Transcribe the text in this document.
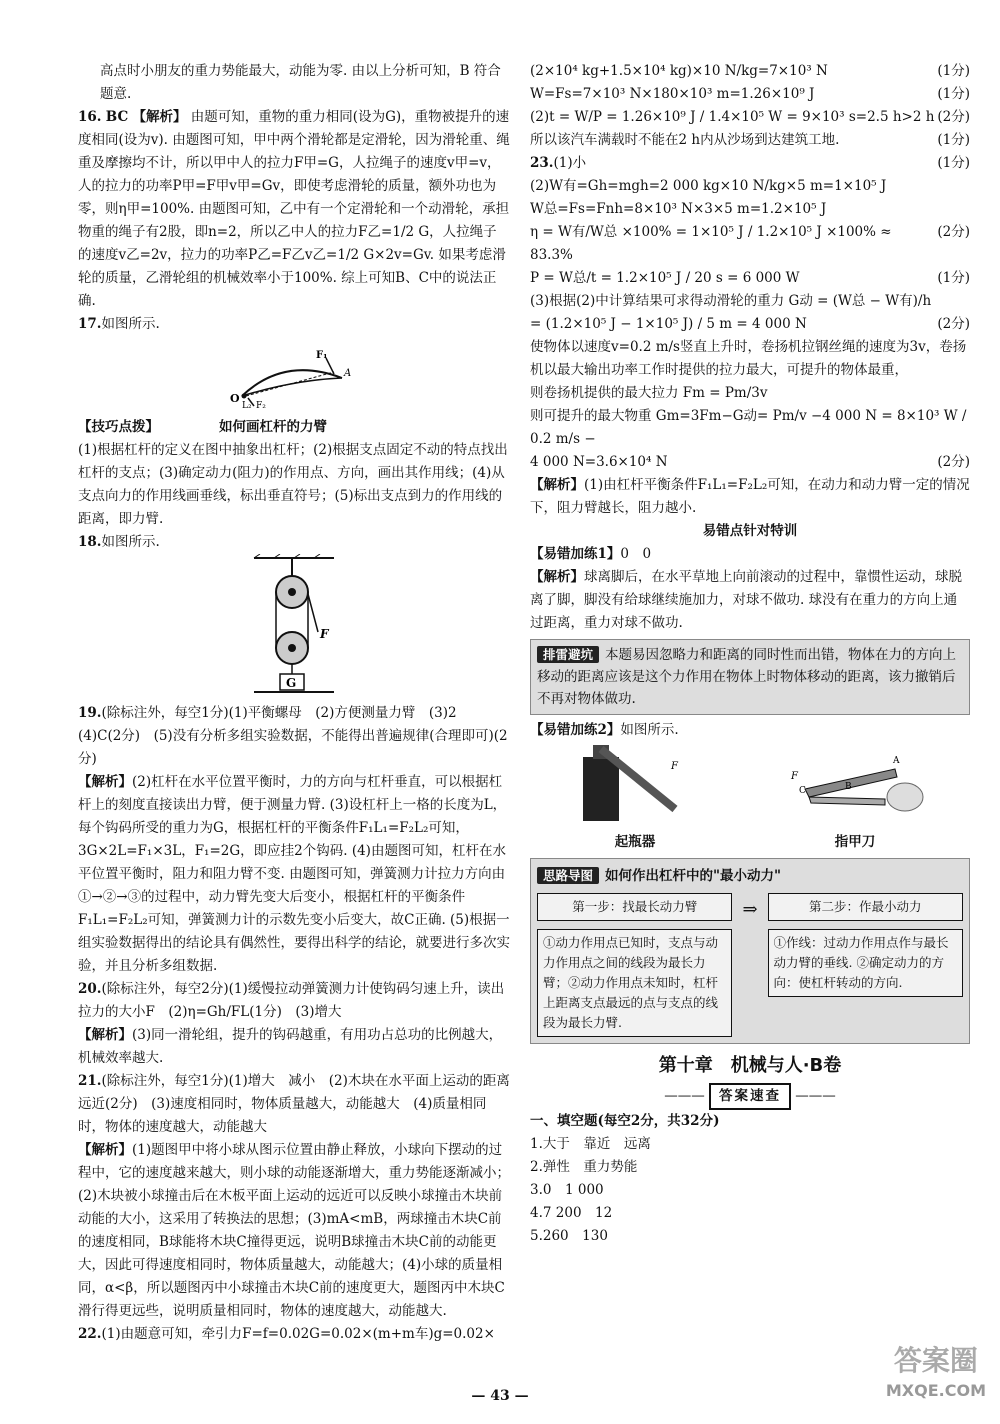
高点时小朋友的重力势能最大，动能为零. 由以上分析可知，B 符合

题意.

16. BC 【解析】 由题可知，重物的重力相同(设为G)，重物被提升的速度相同(设为v). 由题图可知，甲中两个滑轮都是定滑轮，因为滑轮重、绳重及摩擦均不计，所以甲中人的拉力F甲=G，人拉绳子的速度v甲=v，人的拉力的功率P甲=F甲v甲=Gv，即使考虑滑轮的质量，额外功也为零，则η甲=100%. 由题图可知，乙中有一个定滑轮和一个动滑轮，承担物重的绳子有2股，即n=2，所以乙中人的拉力F乙=1/2 G，人拉绳子的速度v乙=2v，拉力的功率P乙=F乙v乙=1/2 G×2v=Gv. 如果考虑滑轮的质量，乙滑轮组的机械效率小于100%. 综上可知B、C中的说法正确.

17.如图所示.

O
F₁
A
L₂ F₂

【技巧点拨】	如何画杠杆的力臂

(1)根据杠杆的定义在图中抽象出杠杆；(2)根据支点固定不动的特点找出杠杆的支点；(3)确定动力(阻力)的作用点、方向，画出其作用线；(4)从支点向力的作用线画垂线，标出垂直符号；(5)标出支点到力的作用线的距离，即力臂.

18.如图所示.

F
G

19.(除标注外，每空1分)(1)平衡螺母　(2)方便测量力臂　(3)2　(4)C(2分)　(5)没有分析多组实验数据，不能得出普遍规律(合理即可)(2分)

【解析】(2)杠杆在水平位置平衡时，力的方向与杠杆垂直，可以根据杠杆上的刻度直接读出力臂，便于测量力臂. (3)设杠杆上一格的长度为L，每个钩码所受的重力为G，根据杠杆的平衡条件F₁L₁=F₂L₂可知，3G×2L=F₁×3L，F₁=2G，即应挂2个钩码. (4)由题图可知，杠杆在水平位置平衡时，阻力和阻力臂不变. 由题图可知，弹簧测力计拉力方向由①→②→③的过程中，动力臂先变大后变小，根据杠杆的平衡条件F₁L₁=F₂L₂可知，弹簧测力计的示数先变小后变大，故C正确. (5)根据一组实验数据得出的结论具有偶然性，要得出科学的结论，就要进行多次实验，并且分析多组数据.

20.(除标注外，每空2分)(1)缓慢拉动弹簧测力计使钩码匀速上升，读出拉力的大小F　(2)η=Gh/FL(1分)　(3)增大

【解析】(3)同一滑轮组，提升的钩码越重，有用功占总功的比例越大，机械效率越大.

21.(除标注外，每空1分)(1)增大　减小　(2)木块在水平面上运动的距离远近(2分)　(3)速度相同时，物体质量越大，动能越大　(4)质量相同时，物体的速度越大，动能越大

【解析】(1)题图甲中将小球从图示位置由静止释放，小球向下摆动的过程中，它的速度越来越大，则小球的动能逐渐增大，重力势能逐渐减小；(2)木块被小球撞击后在木板平面上运动的远近可以反映小球撞击木块前动能的大小，这采用了转换法的思想；(3)mA<mB，两球撞击木块C前的速度相同，B球能将木块C撞得更远，说明B球撞击木块C前的动能更大，因此可得速度相同时，物体质量越大，动能越大；(4)小球的质量相同，α<β，所以题图丙中小球撞击木块C前的速度更大，题图丙中木块C滑行得更远些，说明质量相同时，物体的速度越大，动能越大.

22.(1)由题意可知，牵引力F=f=0.02G=0.02×(m+m车)g=0.02×

(2×10⁴ kg+1.5×10⁴ kg)×10 N/kg=7×10³ N	(1分)
W=Fs=7×10³ N×180×10³ m=1.26×10⁹ J	(1分)
(2)t = W/P = 1.26×10⁹ J / 1.4×10⁵ W = 9×10³ s=2.5 h>2 h (2分)
所以该汽车满载时不能在2 h内从沙场到达建筑工地.	(1分)
23.(1)小	(1分)

(2)W有=Gh=mgh=2 000 kg×10 N/kg×5 m=1×10⁵ J

W总=Fs=Fnh=8×10³ N×3×5 m=1.2×10⁵ J

η = W有/W总 ×100% = 1×10⁵ J / 1.2×10⁵ J ×100% ≈ 83.3%
(2分)
P = W总/t = 1.2×10⁵ J / 20 s = 6 000 W	(1分)

(3)根据(2)中计算结果可求得动滑轮的重力 G动 = (W总 − W有)/h

= (1.2×10⁵ J − 1×10⁵ J) / 5 m = 4 000 N	(2分)

使物体以速度v=0.2 m/s竖直上升时，卷扬机拉钢丝绳的速度为3v，卷扬机以最大输出功率工作时提供的拉力最大，可提升的物体最重，

则卷扬机提供的最大拉力 Fm = Pm/3v

则可提升的最大物重 Gm=3Fm−G动= Pm/v −4 000 N = 8×10³ W / 0.2 m/s −

4 000 N=3.6×10⁴ N	(2分)

【解析】(1)由杠杆平衡条件F₁L₁=F₂L₂可知，在动力和动力臂一定的情况下，阻力臂越长，阻力越小.

易错点针对特训

【易错加练1】0　0

【解析】球离脚后，在水平草地上向前滚动的过程中，靠惯性运动，球脱离了脚，脚没有给球继续施加力，对球不做功. 球没有在重力的方向上通过距离，重力对球不做功.

排雷避坑 本题易因忽略力和距离的同时性而出错，物体在力的方向上移动的距离应该是这个力作用在物体上时物体移动的距离，该力撤销后不再对物体做功.

【易错加练2】如图所示.

F
起瓶器
F
C	B
A
指甲刀
思路导图 如何作出杠杆中的"最小动力"
第一步：找最长动力臂
①动力作用点已知时，支点与动力作用点之间的线段为最长力臂；②动力作用点未知时，杠杆上距离支点最远的点与支点的线段为最长力臂.
⇒	第二步：作最小动力
①作线：过动力作用点作与最长动力臂的垂线. ②确定动力的方向：使杠杆转动的方向.
第十章　机械与人·B卷
——— 答案速查 ———

一、填空题(每空2分，共32分)

1.大于　靠近　远离

2.弹性　重力势能

3.0　1 000

4.7 200　12

5.260　130

— 43 —
答案圈
MXQE.COM
